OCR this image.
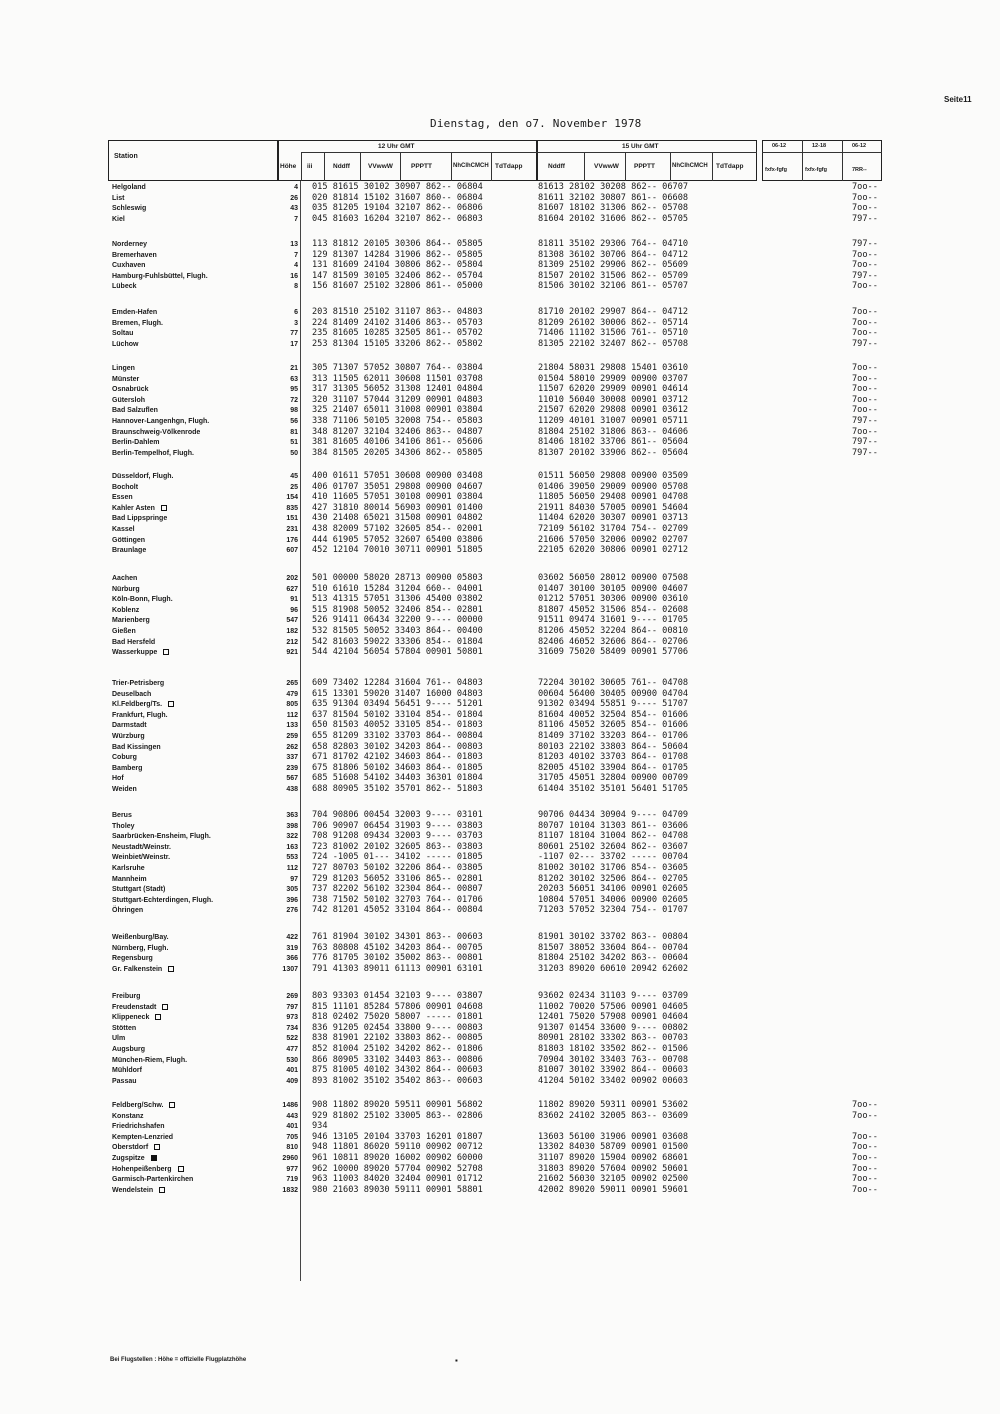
Seite11
Dienstag, den o7. November 1978
Station
12 Uhr GMT
Höhe iii	Nddff	VVwwW	PPPTT	NhClhCMCH TdTdapp
15 Uhr GMT
Nddff	VVwwW PPPTT	NhClhCMCH TdTdapp
06-12	12-18	06-12
fxfx-fgfg	fxfx-fgfg	7RR--
Helgoland	4 015 81615 30102 30907 862-- 06804	81613 28102 30208 862-- 06707	7oo--
List	26 020 81814 15102 31607 860-- 06804	81611 32102 30807 861-- 06608	7oo--
Schleswig	43 035 81205 19104 32107 862-- 06806	81607 18102 31306 862-- 05708	7oo--
Kiel	7 045 81603 16204 32107 862-- 06803	81604 20102 31606 862-- 05705	797--
Norderney	13 113 81812 20105 30306 864-- 05805	81811 35102 29306 764-- 04710	797--
Bremerhaven	7 129 81307 14284 31906 862-- 05805	81308 36102 30706 864-- 04712	7oo--
Cuxhaven	4 131 81609 24104 30806 862-- 05804	81309 25102 29906 862-- 05609	7oo--
Hamburg-Fuhlsbüttel, Flugh.	16 147 81509 30105 32406 862-- 05704	81507 20102 31506 862-- 05709	797--
Lübeck	8 156 81607 25102 32806 861-- 05000	81506 30102 32106 861-- 05707	7oo--
Emden-Hafen	6 203 81510 25102 31107 863-- 04803	81710 20102 29907 864-- 04712	7oo--
Bremen, Flugh.	3 224 81409 24102 31406 863-- 05703	81209 26102 30006 862-- 05714	7oo--
Soltau	77 235 81605 10285 32505 861-- 05702	71406 11102 31506 761-- 05710	7oo--
Lüchow	17 253 81304 15105 33206 862-- 05802	81305 22102 32407 862-- 05708	797--
Lingen	21 305 71307 57052 30807 764-- 03804	21804 58031 29808 15401 03610	7oo--
Münster	63 313 11505 62011 30608 11501 03708	01504 58010 29909 00900 03707	7oo--
Osnabrück	95 317 31305 56052 31308 12401 04804	11507 62020 29909 00901 04614	7oo--
Gütersloh	72 320 31107 57044 31209 00901 04803	11010 56040 30008 00901 03712	7oo--
Bad Salzuflen	98 325 21407 65011 31008 00901 03804	21507 62020 29808 00901 03612	7oo--
Hannover-Langenhgn, Flugh.	56 338 71106 50105 32008 754-- 05803	11209 40101 31007 00901 05711	797--
Braunschweig-Völkenrode	81 348 81207 32104 32406 863-- 04807	81804 25102 31806 863-- 04606	7oo--
Berlin-Dahlem	51 381 81605 40106 34106 861-- 05606	81406 18102 33706 861-- 05604	797--
Berlin-Tempelhof, Flugh.	50 384 81505 20205 34306 862-- 05805	81307 20102 33906 862-- 05604	797--
Düsseldorf, Flugh.	45 400 01611 57051 30608 00900 03408	01511 56050 29808 00900 03509
Bocholt	25 406 01707 35051 29808 00900 04607	01406 39050 29009 00900 05708
Essen	154 410 11605 57051 30108 00901 03804	11805 56050 29408 00901 04708
Kahler Asten	835 427 31810 80014 56903 00901 01400	21911 84030 57005 00901 54604
Bad Lippspringe	151 430 21408 65021 31508 00901 04802	11404 62020 30307 00901 03713
Kassel	231 438 82009 57102 32605 854-- 02001	72109 56102 31704 754-- 02709
Göttingen	176 444 61905 57052 32607 65400 03806	21606 57050 32006 00902 02707
Braunlage	607 452 12104 70010 30711 00901 51805	22105 62020 30806 00901 02712
Aachen	202 501 00000 58020 28713 00900 05803	03602 56050 28012 00900 07508
Nürburg	627 510 61610 15284 31204 660-- 04001	01407 30100 30105 00900 04607
Köln-Bonn, Flugh.	91 513 41315 57051 31306 45400 03802	01212 57051 30306 00900 03610
Koblenz	96 515 81908 50052 32406 854-- 02801	81807 45052 31506 854-- 02608
Marienberg	547 526 91411 06434 32200 9---- 00000	91511 09474 31601 9---- 01705
Gießen	182 532 81505 50052 33403 864-- 00400	81206 45052 32204 864-- 00810
Bad Hersfeld	212 542 81603 59022 33306 854-- 01804	82406 46052 32606 864-- 02706
Wasserkuppe	921 544 42104 56054 57804 00901 50801	31609 75020 58409 00901 57706
Trier-Petrisberg	265 609 73402 12284 31604 761-- 04803	72204 30102 30605 761-- 04708
Deuselbach	479 615 13301 59020 31407 16000 04803	00604 56400 30405 00900 04704
Kl.Feldberg/Ts.	805 635 91304 03494 56451 9---- 51201	91302 03494 55851 9---- 51707
Frankfurt, Flugh.	112 637 81504 50102 33104 854-- 01804	81604 40052 32504 854-- 01606
Darmstadt	133 650 81503 40052 33105 854-- 01803	81106 45052 32605 854-- 01606
Würzburg	259 655 81209 33102 33703 864-- 00804	81409 37102 33203 864-- 01706
Bad Kissingen	262 658 82803 30102 34203 864-- 00803	80103 22102 33803 864-- 50604
Coburg	337 671 81702 42102 34603 864-- 01803	81203 40102 33703 864-- 01708
Bamberg	239 675 81806 50102 34603 864-- 01805	82005 45102 33904 864-- 01705
Hof	567 685 51608 54102 34403 36301 01804	31705 45051 32804 00900 00709
Weiden	438 688 80905 35102 35701 862-- 51803	61404 35102 35101 56401 51705
Berus	363 704 90806 00454 32003 9---- 03101	90706 04434 30904 9---- 04709
Tholey	398 706 90907 06454 31903 9---- 03803	80707 10104 31303 861-- 03606
Saarbrücken-Ensheim, Flugh.	322 708 91208 09434 32003 9---- 03703	81107 18104 31004 862-- 04708
Neustadt/Weinstr.	163 723 81002 20102 32605 863-- 03803	80601 25102 32604 862-- 03607
Weinbiet/Weinstr.	553 724 -1005 01--- 34102 ----- 01805	-1107 02--- 33702 ----- 00704
Karlsruhe	112 727 80703 50102 32206 864-- 03805	81002 30102 31706 854-- 03605
Mannheim	97 729 81203 56052 33106 865-- 02801	81202 30102 32506 864-- 02705
Stuttgart (Stadt)	305 737 82202 56102 32304 864-- 00807	20203 56051 34106 00901 02605
Stuttgart-Echterdingen, Flugh.	396 738 71502 50102 32703 764-- 01706	10804 57051 34006 00900 02605
Öhringen	276 742 81201 45052 33104 864-- 00804	71203 57052 32304 754-- 01707
Weißenburg/Bay.	422 761 81904 30102 34301 863-- 00603	81901 30102 33702 863-- 00804
Nürnberg, Flugh.	319 763 80808 45102 34203 864-- 00705	81507 38052 33604 864-- 00704
Regensburg	366 776 81705 30102 35002 863-- 00801	81804 25102 34202 863-- 00604
Gr. Falkenstein	1307 791 41303 89011 61113 00901 63101	31203 89020 60610 20942 62602
Freiburg	269 803 93303 01454 32103 9---- 03807	93602 02434 31103 9---- 03709
Freudenstadt	797 815 11101 85284 57806 00901 04608	11002 70020 57506 00901 04605
Klippeneck	973 818 02402 75020 58007 ----- 01801	12401 75020 57908 00901 04604
Stötten	734 836 91205 02454 33800 9---- 00803	91307 01454 33600 9---- 00802
Ulm	522 838 81901 22102 33803 862-- 00805	80901 28102 33302 863-- 00703
Augsburg	477 852 81004 25102 34202 862-- 01806	81803 18102 33502 862-- 01506
München-Riem, Flugh.	530 866 80905 33102 34403 863-- 00806	70904 30102 33403 763-- 00708
Mühldorf	401 875 81005 40102 34302 864-- 00603	81007 30102 33902 864-- 00603
Passau	409 893 81002 35102 35402 863-- 00603	41204 50102 33402 00902 00603
Feldberg/Schw.	1486 908 11802 89020 59511 00901 56802	11802 89020 59311 00901 53602	7oo--
Konstanz	443 929 81802 25102 33005 863-- 02806	83602 24102 32005 863-- 03609	7oo--
Friedrichshafen	401 934
Kempten-Lenzried	705 946 13105 20104 33703 16201 01807	13603 56100 31906 00901 03608	7oo--
Oberstdorf	810 948 11801 86020 59110 00902 00712	13302 84030 58709 00901 01500	7oo--
Zugspitze	2960 961 10811 89020 16002 00902 60000	31107 89020 15904 00902 68601	7oo--
Hohenpeißenberg	977 962 10000 89020 57704 00902 52708	31803 89020 57604 00902 50601	7oo--
Garmisch-Partenkirchen	719 963 11003 84020 32404 00901 01712	21602 56030 32105 00902 02500	7oo--
Wendelstein	1832 980 21603 89030 59111 00901 58801	42002 89020 59011 00901 59601	7oo--
Bei Flugstellen : Höhe = offizielle Flugplatzhöhe	▪
